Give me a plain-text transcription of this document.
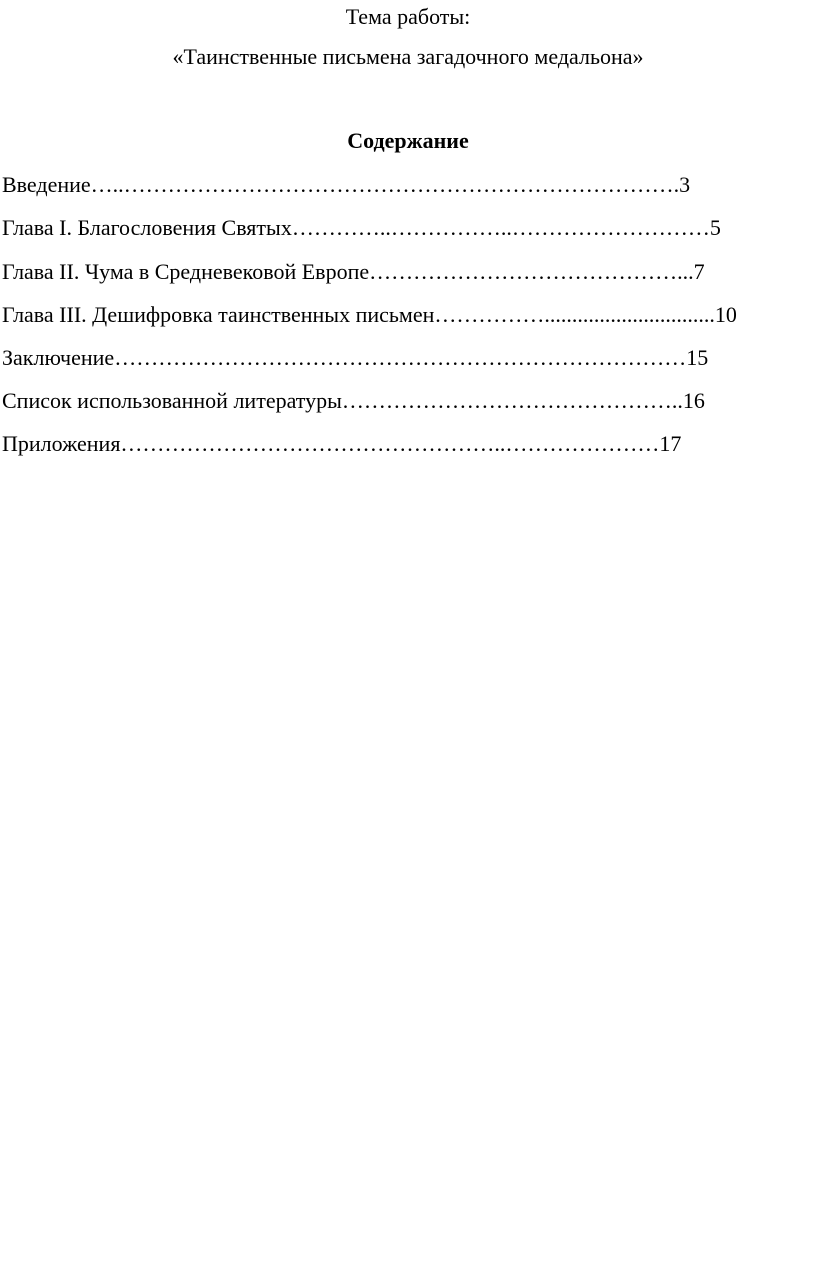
Тема работы:

«Таинственные письмена загадочного медальона»

Содержание
Введение…..………………………………………………………………….3
Глава I. Благословения Святых…………..……………..………………………5
Глава II. Чума в Средневековой Европе……………………………………...7
Глава III. Дешифровка таинственных письмен……………...............................10
Заключение……………………………………………………………………15
Список использованной литературы………………………………………..16
Приложения……………………………………………..…………………17
